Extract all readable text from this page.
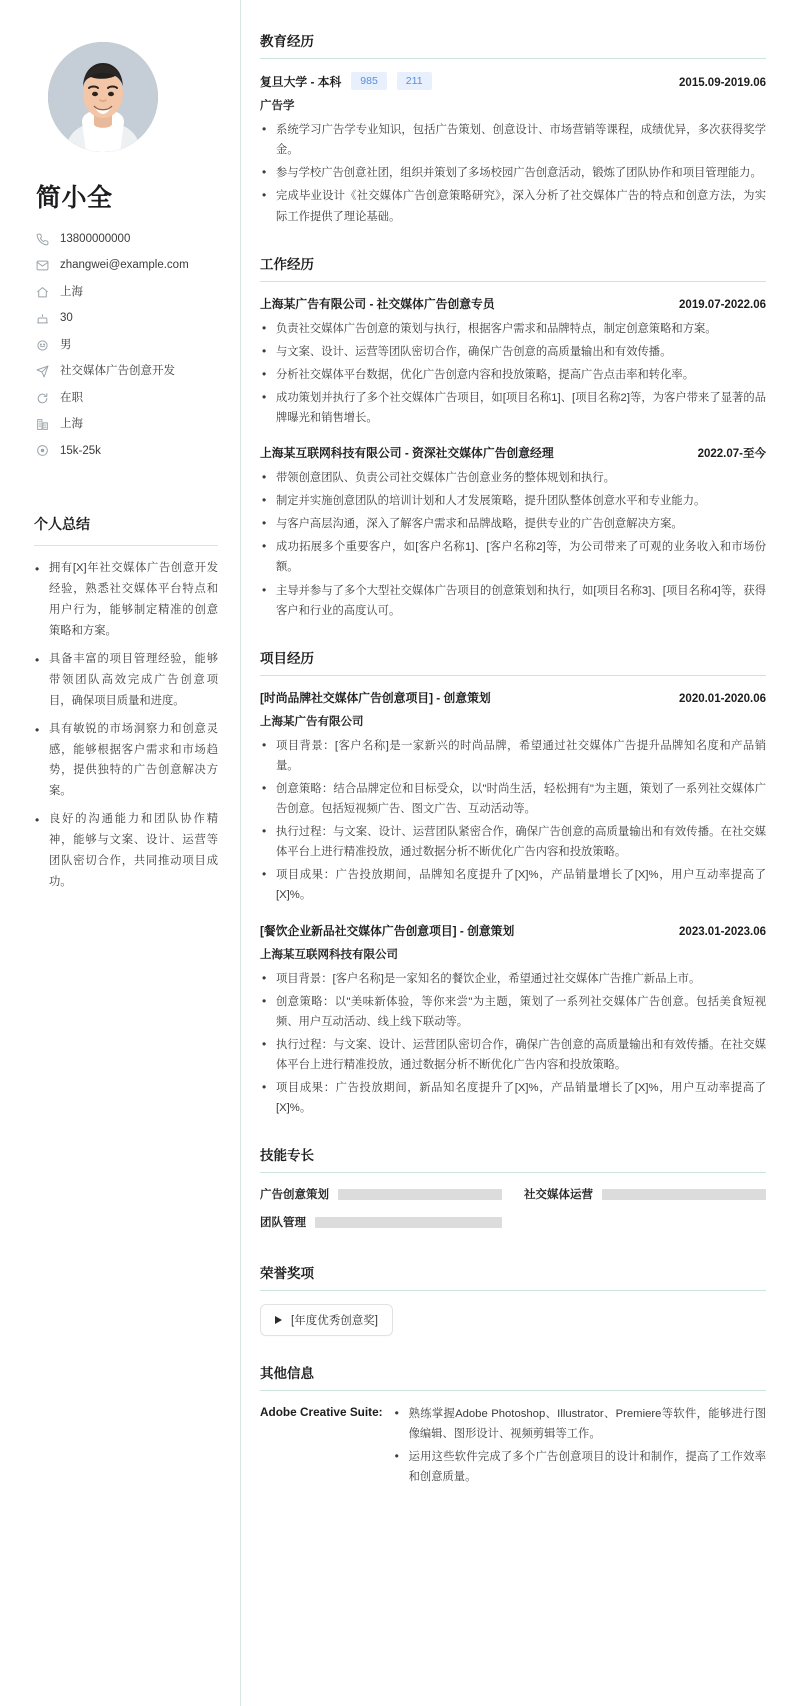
简小全
13800000000
zhangwei@example.com
上海
30
男
社交媒体广告创意开发
在职
上海
15k-25k
个人总结
• 拥有[X]年社交媒体广告创意开发经验，熟悉社交媒体平台特点和用户行为，能够制定精准的创意策略和方案。
• 具备丰富的项目管理经验，能够带领团队高效完成广告创意项目，确保项目质量和进度。
• 具有敏锐的市场洞察力和创意灵感，能够根据客户需求和市场趋势，提供独特的广告创意解决方案。
• 良好的沟通能力和团队协作精神，能够与文案、设计、运营等团队密切合作，共同推动项目成功。
教育经历
复旦大学 - 本科	985	211	2015.09-2019.06
广告学
• 系统学习广告学专业知识，包括广告策划、创意设计、市场营销等课程，成绩优异，多次获得奖学金。
• 参与学校广告创意社团，组织并策划了多场校园广告创意活动，锻炼了团队协作和项目管理能力。
• 完成毕业设计《社交媒体广告创意策略研究》，深入分析了社交媒体广告的特点和创意方法，为实际工作提供了理论基础。
工作经历
上海某广告有限公司 - 社交媒体广告创意专员	2019.07-2022.06
• 负责社交媒体广告创意的策划与执行，根据客户需求和品牌特点，制定创意策略和方案。
• 与文案、设计、运营等团队密切合作，确保广告创意的高质量输出和有效传播。
• 分析社交媒体平台数据，优化广告创意内容和投放策略，提高广告点击率和转化率。
• 成功策划并执行了多个社交媒体广告项目，如[项目名称1]、[项目名称2]等，为客户带来了显著的品牌曝光和销售增长。
上海某互联网科技有限公司 - 资深社交媒体广告创意经理	2022.07-至今
• 带领创意团队、负责公司社交媒体广告创意业务的整体规划和执行。
• 制定并实施创意团队的培训计划和人才发展策略，提升团队整体创意水平和专业能力。
• 与客户高层沟通，深入了解客户需求和品牌战略，提供专业的广告创意解决方案。
• 成功拓展多个重要客户，如[客户名称1]、[客户名称2]等，为公司带来了可观的业务收入和市场份额。
• 主导并参与了多个大型社交媒体广告项目的创意策划和执行，如[项目名称3]、[项目名称4]等，获得客户和行业的高度认可。
项目经历
[时尚品牌社交媒体广告创意项目] - 创意策划	2020.01-2020.06
上海某广告有限公司
• 项目背景：[客户名称]是一家新兴的时尚品牌，希望通过社交媒体广告提升品牌知名度和产品销量。
• 创意策略：结合品牌定位和目标受众，以"时尚生活，轻松拥有"为主题，策划了一系列社交媒体广告创意。包括短视频广告、图文广告、互动活动等。
• 执行过程：与文案、设计、运营团队紧密合作，确保广告创意的高质量输出和有效传播。在社交媒体平台上进行精准投放，通过数据分析不断优化广告内容和投放策略。
• 项目成果：广告投放期间，品牌知名度提升了[X]%，产品销量增长了[X]%，用户互动率提高了[X]%。
[餐饮企业新品社交媒体广告创意项目] - 创意策划	2023.01-2023.06
上海某互联网科技有限公司
• 项目背景：[客户名称]是一家知名的餐饮企业，希望通过社交媒体广告推广新品上市。
• 创意策略：以"美味新体验，等你来尝"为主题，策划了一系列社交媒体广告创意。包括美食短视频、用户互动活动、线上线下联动等。
• 执行过程：与文案、设计、运营团队密切合作，确保广告创意的高质量输出和有效传播。在社交媒体平台上进行精准投放，通过数据分析不断优化广告内容和投放策略。
• 项目成果：广告投放期间，新品知名度提升了[X]%，产品销量增长了[X]%，用户互动率提高了[X]%。
技能专长
广告创意策划	社交媒体运营
团队管理
荣誉奖项
[年度优秀创意奖]
其他信息
Adobe Creative Suite:	• 熟练掌握Adobe Photoshop、Illustrator、Premiere等软件，能够进行图像编辑、图形设计、视频剪辑等工作。
• 运用这些软件完成了多个广告创意项目的设计和制作，提高了工作效率和创意质量。
